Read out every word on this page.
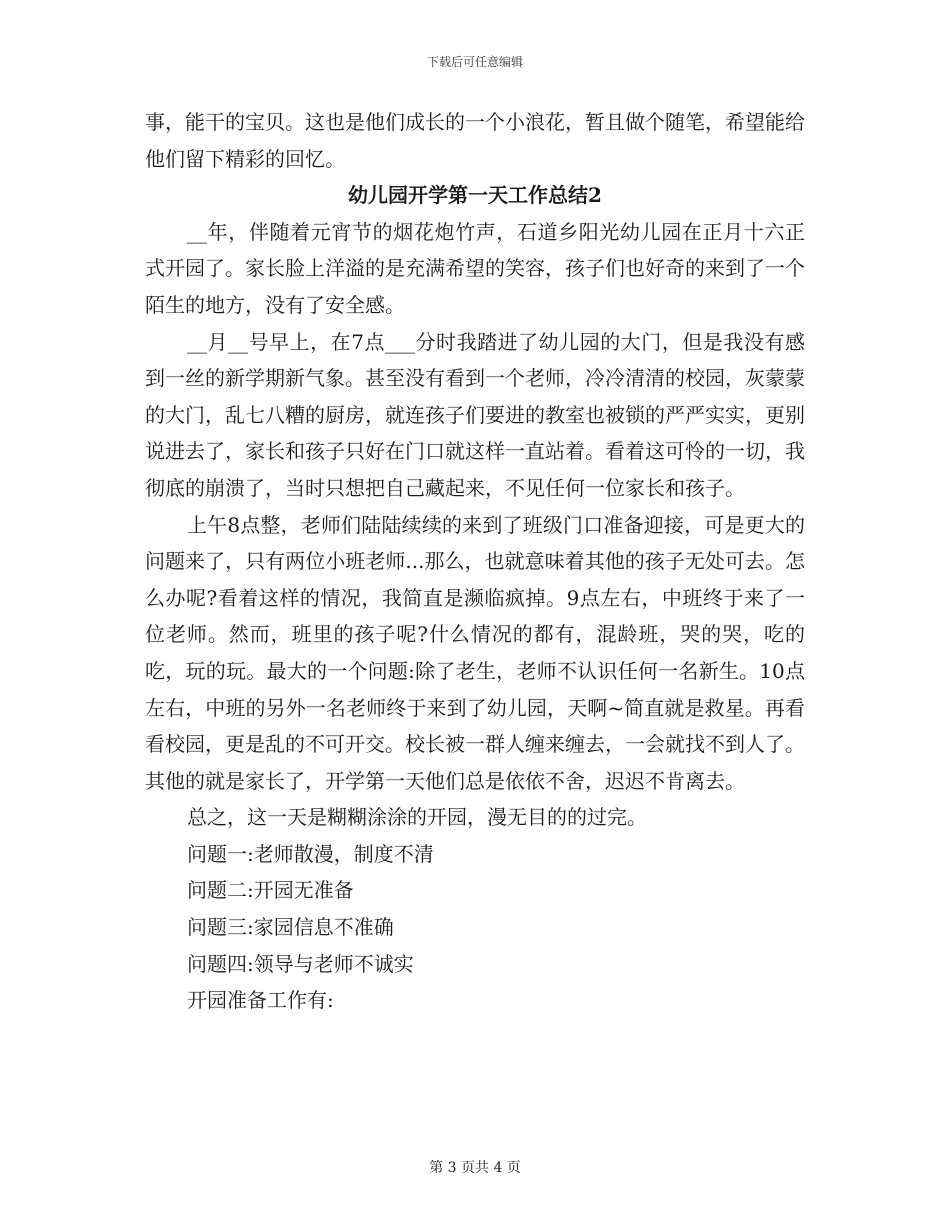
下载后可任意编辑

事，能干的宝贝。这也是他们成长的一个小浪花，暂且做个随笔，希望能给他们留下精彩的回忆。

幼儿园开学第一天工作总结2

__年，伴随着元宵节的烟花炮竹声，石道乡阳光幼儿园在正月十六正式开园了。家长脸上洋溢的是充满希望的笑容，孩子们也好奇的来到了一个陌生的地方，没有了安全感。

__月__号早上，在7点___分时我踏进了幼儿园的大门，但是我没有感到一丝的新学期新气象。甚至没有看到一个老师，冷冷清清的校园，灰蒙蒙的大门，乱七八糟的厨房，就连孩子们要进的教室也被锁的严严实实，更别说进去了，家长和孩子只好在门口就这样一直站着。看着这可怜的一切，我彻底的崩溃了，当时只想把自己藏起来，不见任何一位家长和孩子。

上午8点整，老师们陆陆续续的来到了班级门口准备迎接，可是更大的问题来了，只有两位小班老师...那么，也就意味着其他的孩子无处可去。怎么办呢?看着这样的情况，我简直是濒临疯掉。9点左右，中班终于来了一位老师。然而，班里的孩子呢?什么情况的都有，混龄班，哭的哭，吃的吃，玩的玩。最大的一个问题:除了老生，老师不认识任何一名新生。10点左右，中班的另外一名老师终于来到了幼儿园，天啊~简直就是救星。再看看校园，更是乱的不可开交。校长被一群人缠来缠去，一会就找不到人了。其他的就是家长了，开学第一天他们总是依依不舍，迟迟不肯离去。

总之，这一天是糊糊涂涂的开园，漫无目的的过完。

问题一:老师散漫，制度不清

问题二:开园无准备

问题三:家园信息不准确

问题四:领导与老师不诚实

开园准备工作有:

第 3 页共 4 页
